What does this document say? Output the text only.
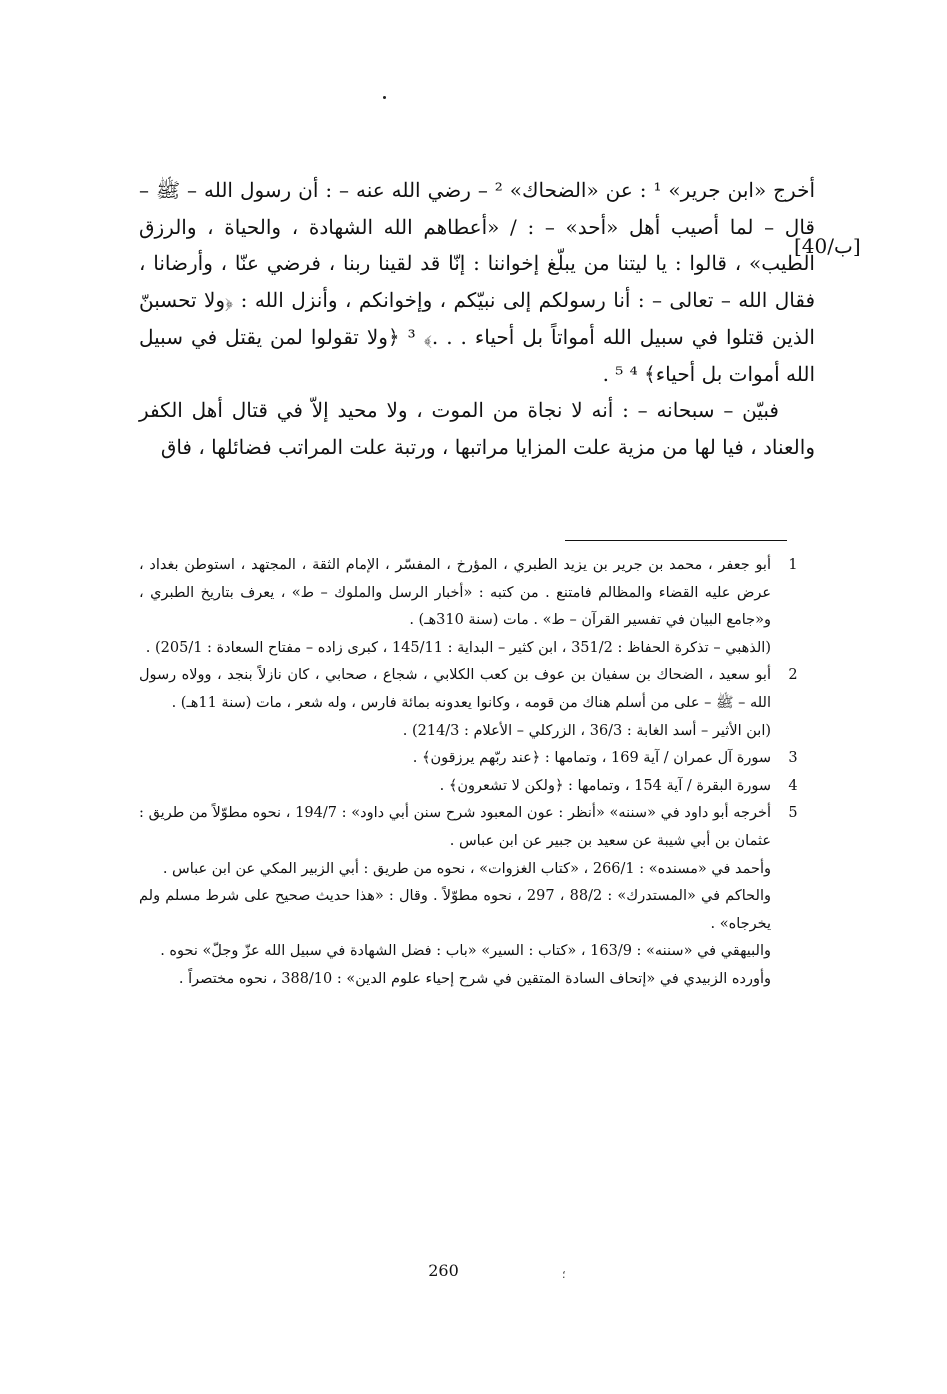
أخرج «ابن جرير» ¹ : عن «الضحاك» ² – رضي الله عنه – : أن رسول الله – ﷺ – قال – لما أصيب أهل «أحد» – : / «أعطاهم الله الشهادة ، والحياة ، والرزق الطيب» ، قالوا : يا ليتنا من يبلّغ إخواننا : إنّا قد لقينا ربنا ، فرضي عنّا ، وأرضانا ، فقال الله – تعالى – : أنا رسولكم إلى نبيّكم ، وإخوانكم ، وأنزل الله : ﴿ولا تحسبنّ الذين قتلوا في سبيل الله أمواتاً بل أحياء . . .﴾ ³ ﴿ولا تقولوا لمن يقتل في سبيل الله أموات بل أحياء﴾ ⁴ ⁵ .

فبيّن – سبحانه – : أنه لا نجاة من الموت ، ولا محيد إلاّ في قتال أهل الكفر والعناد ، فيا لها من مزية علت المزايا مراتبها ، ورتبة علت المراتب فضائلها ، فاق

[40/ب]
1

أبو جعفر ، محمد بن جرير بن يزيد الطبري ، المؤرخ ، المفسّر ، الإمام الثقة ، المجتهد ، استوطن بغداد ، عرض عليه القضاء والمظالم فامتنع . من كتبه : «أخبار الرسل والملوك – ط» ، يعرف بتاريخ الطبري ، و«جامع البيان في تفسير القرآن – ط» . مات (سنة 310هـ) .

(الذهبي – تذكرة الحفاظ : 351/2 ، ابن كثير – البداية : 145/11 ، كبرى زاده – مفتاح السعادة : 205/1) .

2

أبو سعيد ، الضحاك بن سفيان بن عوف بن كعب الكلابي ، شجاع ، صحابي ، كان نازلاً بنجد ، وولاه رسول الله – ﷺ – على من أسلم هناك من قومه ، وكانوا يعدونه بمائة فارس ، وله شعر ، مات (سنة 11هـ) .

(ابن الأثير – أسد الغابة : 36/3 ، الزركلي – الأعلام : 214/3) .

3

سورة آل عمران / آية 169 ، وتمامها : ﴿عند ربّهم يرزقون﴾ .

4

سورة البقرة / آية 154 ، وتمامها : ﴿ولكن لا تشعرون﴾ .

5

أخرجه أبو داود في «سننه» «أنظر : عون المعبود شرح سنن أبي داود» : 194/7 ، نحوه مطوّلاً من طريق : عثمان بن أبي شيبة عن سعيد بن جبير عن ابن عباس .

وأحمد في «مسنده» : 266/1 ، «كتاب الغزوات» ، نحوه من طريق : أبي الزبير المكي عن ابن عباس .

والحاكم في «المستدرك» : 88/2 ، 297 ، نحوه مطوّلاً . وقال : «هذا حديث صحيح على شرط مسلم ولم يخرجاه» .

والبيهقي في «سننه» : 163/9 ، «كتاب : السير» «باب : فضل الشهادة في سبيل الله عزّ وجلّ» نحوه .

وأورده الزبيدي في «إتحاف السادة المتقين في شرح إحياء علوم الدين» : 388/10 ، نحوه مختصراً .

260	؛
